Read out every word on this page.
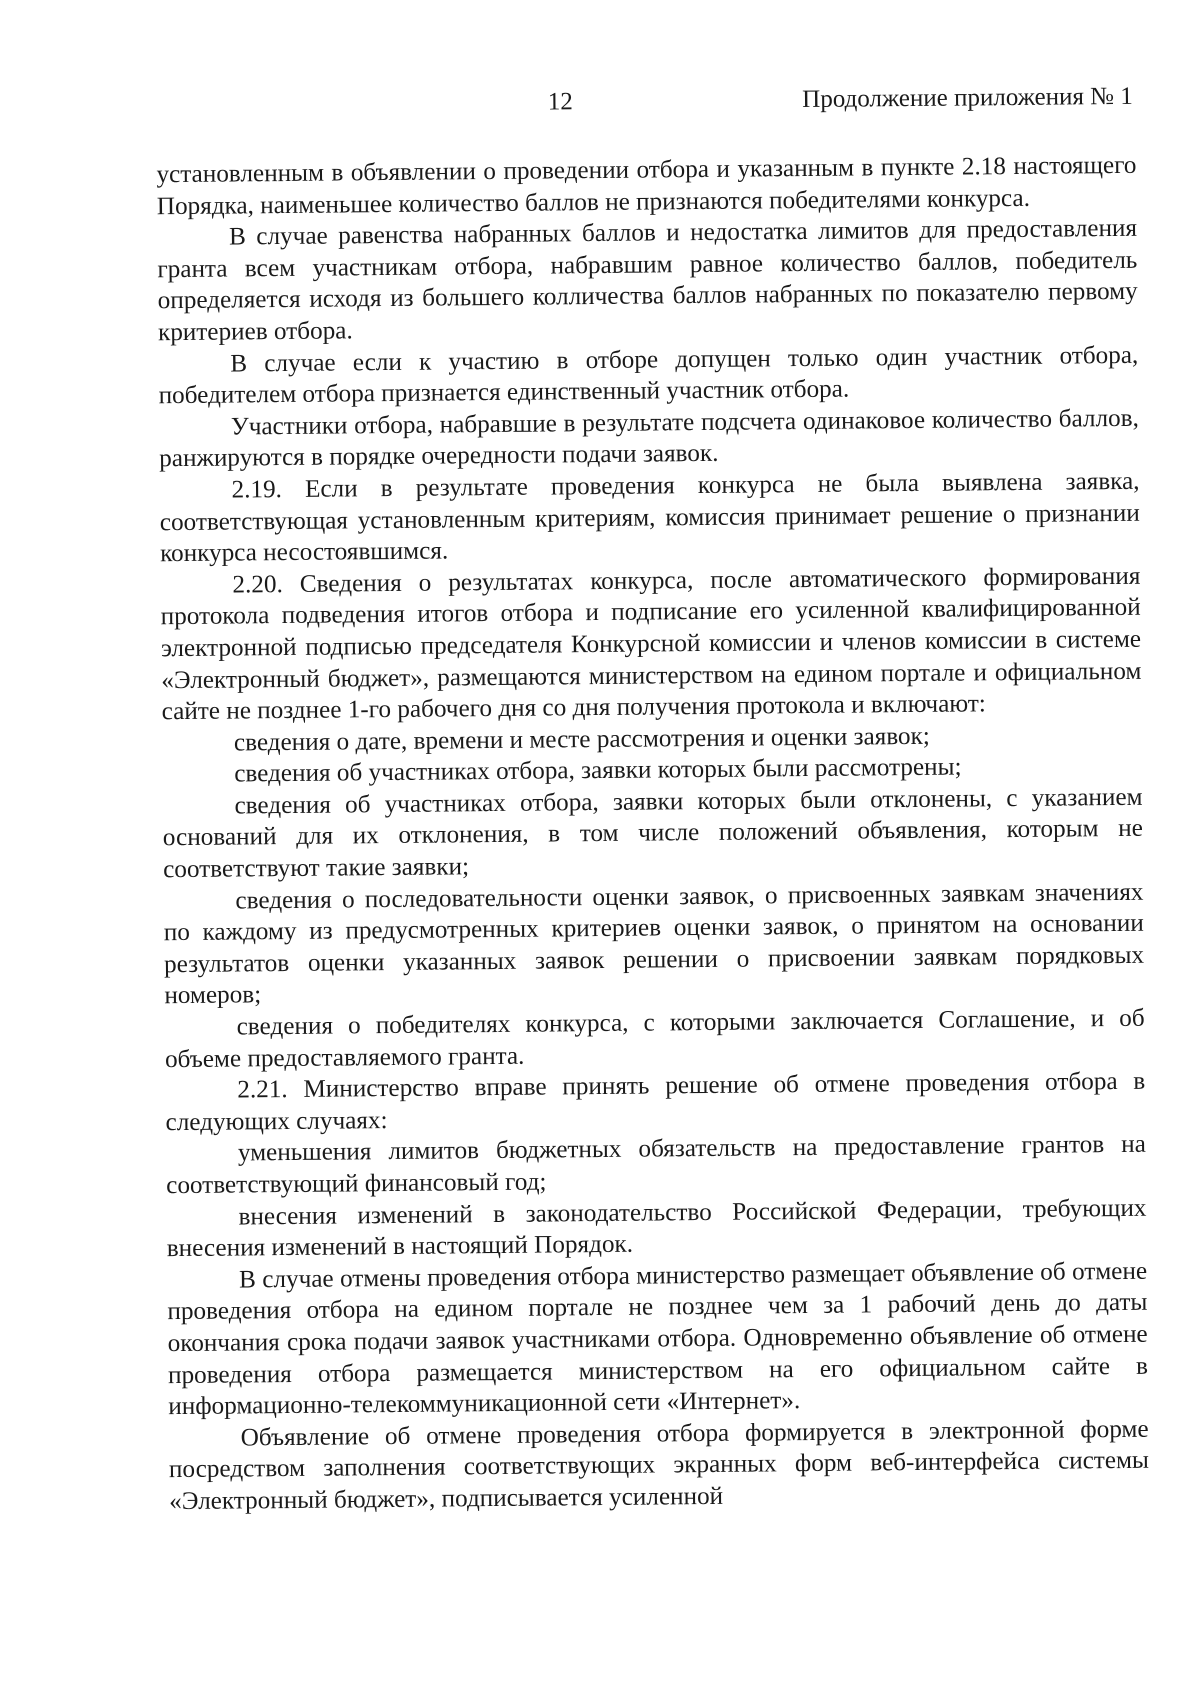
12	Продолжение приложения № 1

установленным в объявлении о проведении отбора и указанным в пункте 2.18 настоящего Порядка, наименьшее количество баллов не признаются победителями конкурса.

В случае равенства набранных баллов и недостатка лимитов для предоставления гранта всем участникам отбора, набравшим равное количество баллов, победитель определяется исходя из большего колличества баллов набранных по показателю первому критериев отбора.

В случае если к участию в отборе допущен только один участник отбора, победителем отбора признается единственный участник отбора.

Участники отбора, набравшие в результате подсчета одинаковое количество баллов, ранжируются в порядке очередности подачи заявок.

2.19. Если в результате проведения конкурса не была выявлена заявка, соответствующая установленным критериям, комиссия принимает решение о признании конкурса несостоявшимся.

2.20. Сведения о результатах конкурса, после автоматического формирования протокола подведения итогов отбора и подписание его усиленной квалифицированной электронной подписью председателя Конкурсной комиссии и членов комиссии в системе «Электронный бюджет», размещаются министерством на едином портале и официальном сайте не позднее 1-го рабочего дня со дня получения протокола и включают:

сведения о дате, времени и месте рассмотрения и оценки заявок;

сведения об участниках отбора, заявки которых были рассмотрены;

сведения об участниках отбора, заявки которых были отклонены, с указанием оснований для их отклонения, в том числе положений объявления, которым не соответствуют такие заявки;

сведения о последовательности оценки заявок, о присвоенных заявкам значениях по каждому из предусмотренных критериев оценки заявок, о принятом на основании результатов оценки указанных заявок решении о присвоении заявкам порядковых номеров;

сведения о победителях конкурса, с которыми заключается Соглашение, и об объеме предоставляемого гранта.

2.21. Министерство вправе принять решение об отмене проведения отбора в следующих случаях:

уменьшения лимитов бюджетных обязательств на предоставление грантов на соответствующий финансовый год;

внесения изменений в законодательство Российской Федерации, требующих внесения изменений в настоящий Порядок.

В случае отмены проведения отбора министерство размещает объявление об отмене проведения отбора на едином портале не позднее чем за 1 рабочий день до даты окончания срока подачи заявок участниками отбора. Одновременно объявление об отмене проведения отбора размещается министерством на его официальном сайте в информационно-телекоммуникационной сети «Интернет».

Объявление об отмене проведения отбора формируется в электронной форме посредством заполнения соответствующих экранных форм веб-интерфейса системы «Электронный бюджет», подписывается усиленной
